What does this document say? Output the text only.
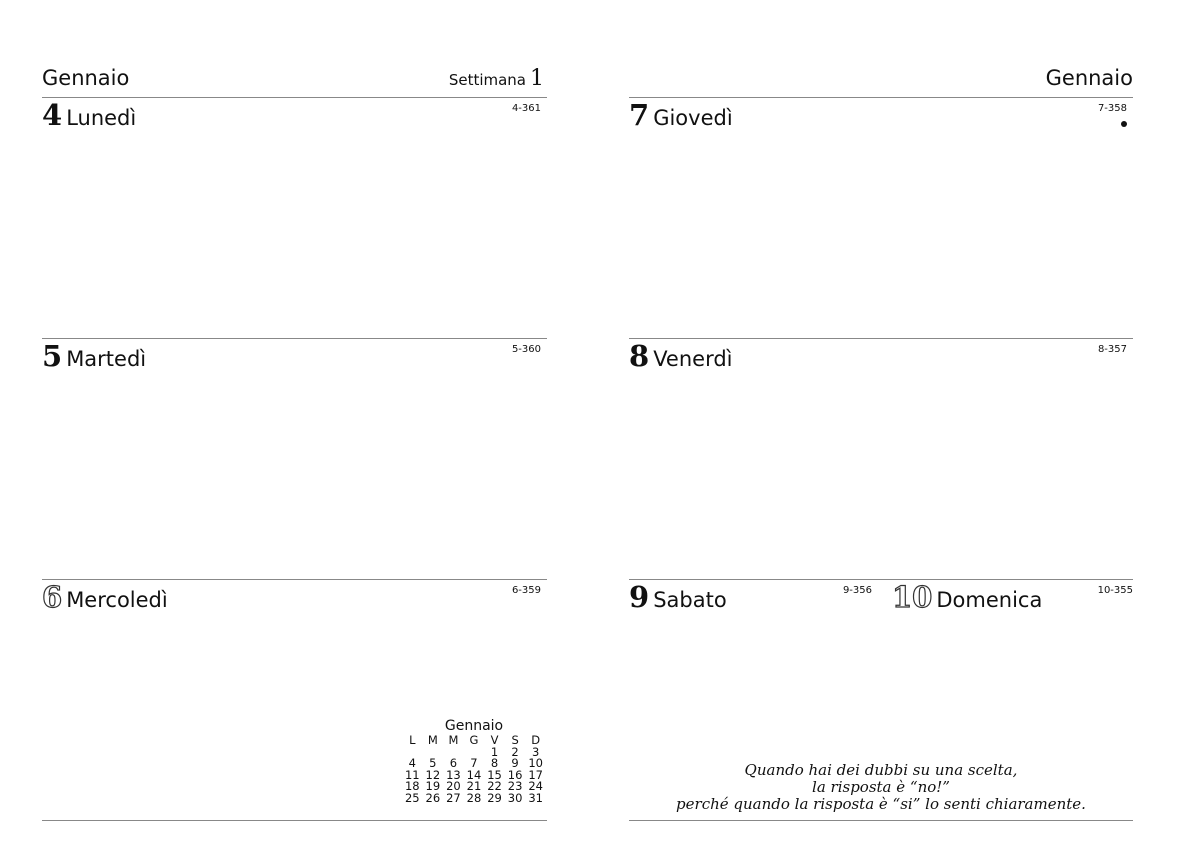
Gennaio	Settimana 1	Gennaio
4 Lunedì	4-361
5 Martedì	5-360
6 Mercoledì	6-359
7 Giovedì	7-358
8 Venerdì	8-357
9 Sabato	9-356 10 Domenica	10-355
Gennaio
L	M	M	G	V	S	D
				1	2	3
4	5	6	7	8	9	10
11	12	13	14	15	16	17
18	19	20	21	22	23	24
25	26	27	28	29	30	31
Quando hai dei dubbi su una scelta,
la risposta è “no!”
perché quando la risposta è “si” lo senti chiaramente.
